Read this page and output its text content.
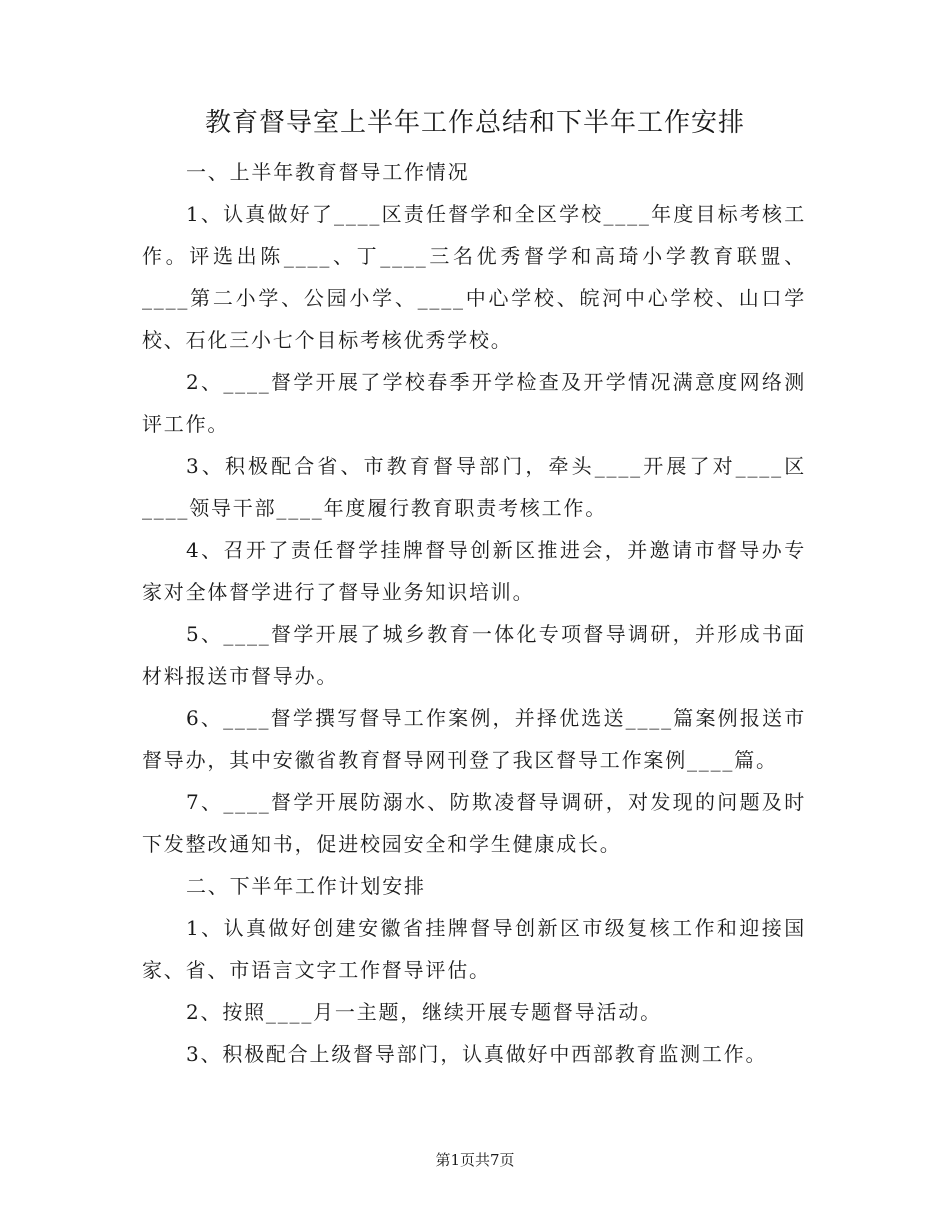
教育督导室上半年工作总结和下半年工作安排

一、上半年教育督导工作情况

1、认真做好了____区责任督学和全区学校____年度目标考核工作。评选出陈____、丁____三名优秀督学和高琦小学教育联盟、____第二小学、公园小学、____中心学校、皖河中心学校、山口学校、石化三小七个目标考核优秀学校。

2、____督学开展了学校春季开学检查及开学情况满意度网络测评工作。

3、积极配合省、市教育督导部门，牵头____开展了对____区____领导干部____年度履行教育职责考核工作。

4、召开了责任督学挂牌督导创新区推进会，并邀请市督导办专家对全体督学进行了督导业务知识培训。

5、____督学开展了城乡教育一体化专项督导调研，并形成书面材料报送市督导办。

6、____督学撰写督导工作案例，并择优选送____篇案例报送市督导办，其中安徽省教育督导网刊登了我区督导工作案例____篇。

7、____督学开展防溺水、防欺凌督导调研，对发现的问题及时下发整改通知书，促进校园安全和学生健康成长。

二、下半年工作计划安排

1、认真做好创建安徽省挂牌督导创新区市级复核工作和迎接国家、省、市语言文字工作督导评估。

2、按照____月一主题，继续开展专题督导活动。

3、积极配合上级督导部门，认真做好中西部教育监测工作。

第1页共7页
